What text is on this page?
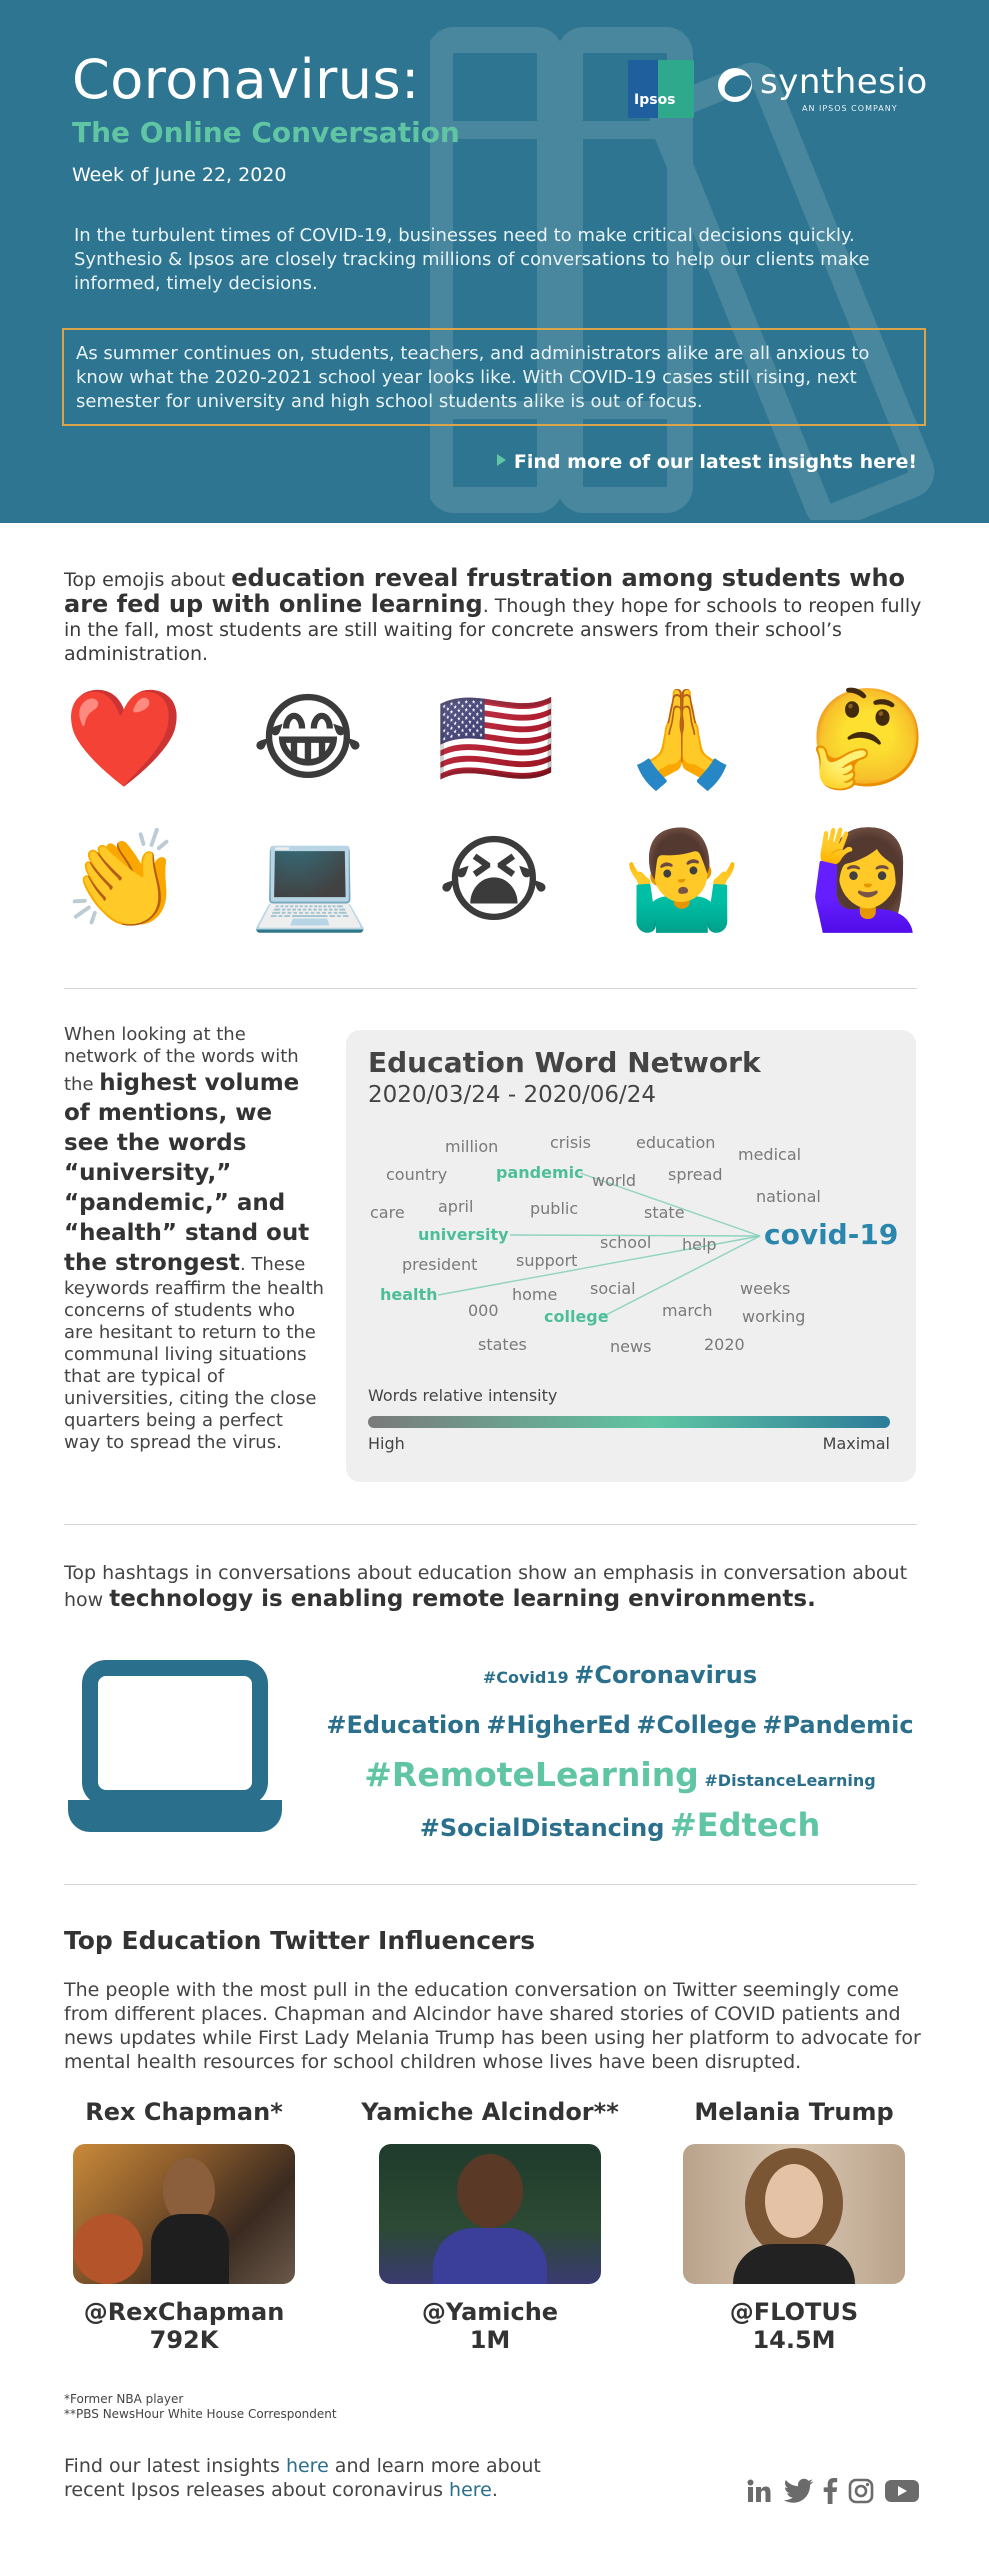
Coronavirus:
The Online Conversation
Week of June 22, 2020
In the turbulent times of COVID-19, businesses need to make critical decisions quickly. Synthesio & Ipsos are closely tracking millions of conversations to help our clients make informed, timely decisions.
As summer continues on, students, teachers, and administrators alike are all anxious to know what the 2020-2021 school year looks like. With COVID-19 cases still rising, next semester for university and high school students alike is out of focus.
Find more of our latest insights here!
Ipsos synthesio
AN IPSOS COMPANY
Top emojis about education reveal frustration among students who are fed up with online learning. Though they hope for schools to reopen fully in the fall, most students are still waiting for concrete answers from their school’s administration.
❤️ 😂 🇺🇸 🙏 🤔
👏 💻 😭 🤷‍♂️ 🙋‍♀️
When looking at the network of the words with the highest volume of mentions, we see the words “university,” “pandemic,” and “health” stand out the strongest. These keywords reaffirm the health concerns of students who are hesitant to return to the communal living situations that are typical of universities, citing the close quarters being a perfect way to spread the virus.
Education Word Network
2020/03/24 - 2020/06/24
million	crisis	education
medical
country	pandemic world spread
national
care april	public	state
university	covid-19
school help
president support
social	weeks
health	home
000	college	march working
states	news	2020
Words relative intensity
High	Maximal
Top hashtags in conversations about education show an emphasis in conversation about how technology is enabling remote learning environments.
#Covid19 #Coronavirus
#Education #HigherEd #College #Pandemic
#RemoteLearning #DistanceLearning
#SocialDistancing #Edtech
Top Education Twitter Influencers
The people with the most pull in the education conversation on Twitter seemingly come from different places. Chapman and Alcindor have shared stories of COVID patients and news updates while First Lady Melania Trump has been using her platform to advocate for mental health resources for school children whose lives have been disrupted.
Rex Chapman*
@RexChapman
792K
Yamiche Alcindor**
@Yamiche
1M
Melania Trump
@FLOTUS
14.5M
*Former NBA player
**PBS NewsHour White House Correspondent
Find our latest insights here and learn more about recent Ipsos releases about coronavirus here.
